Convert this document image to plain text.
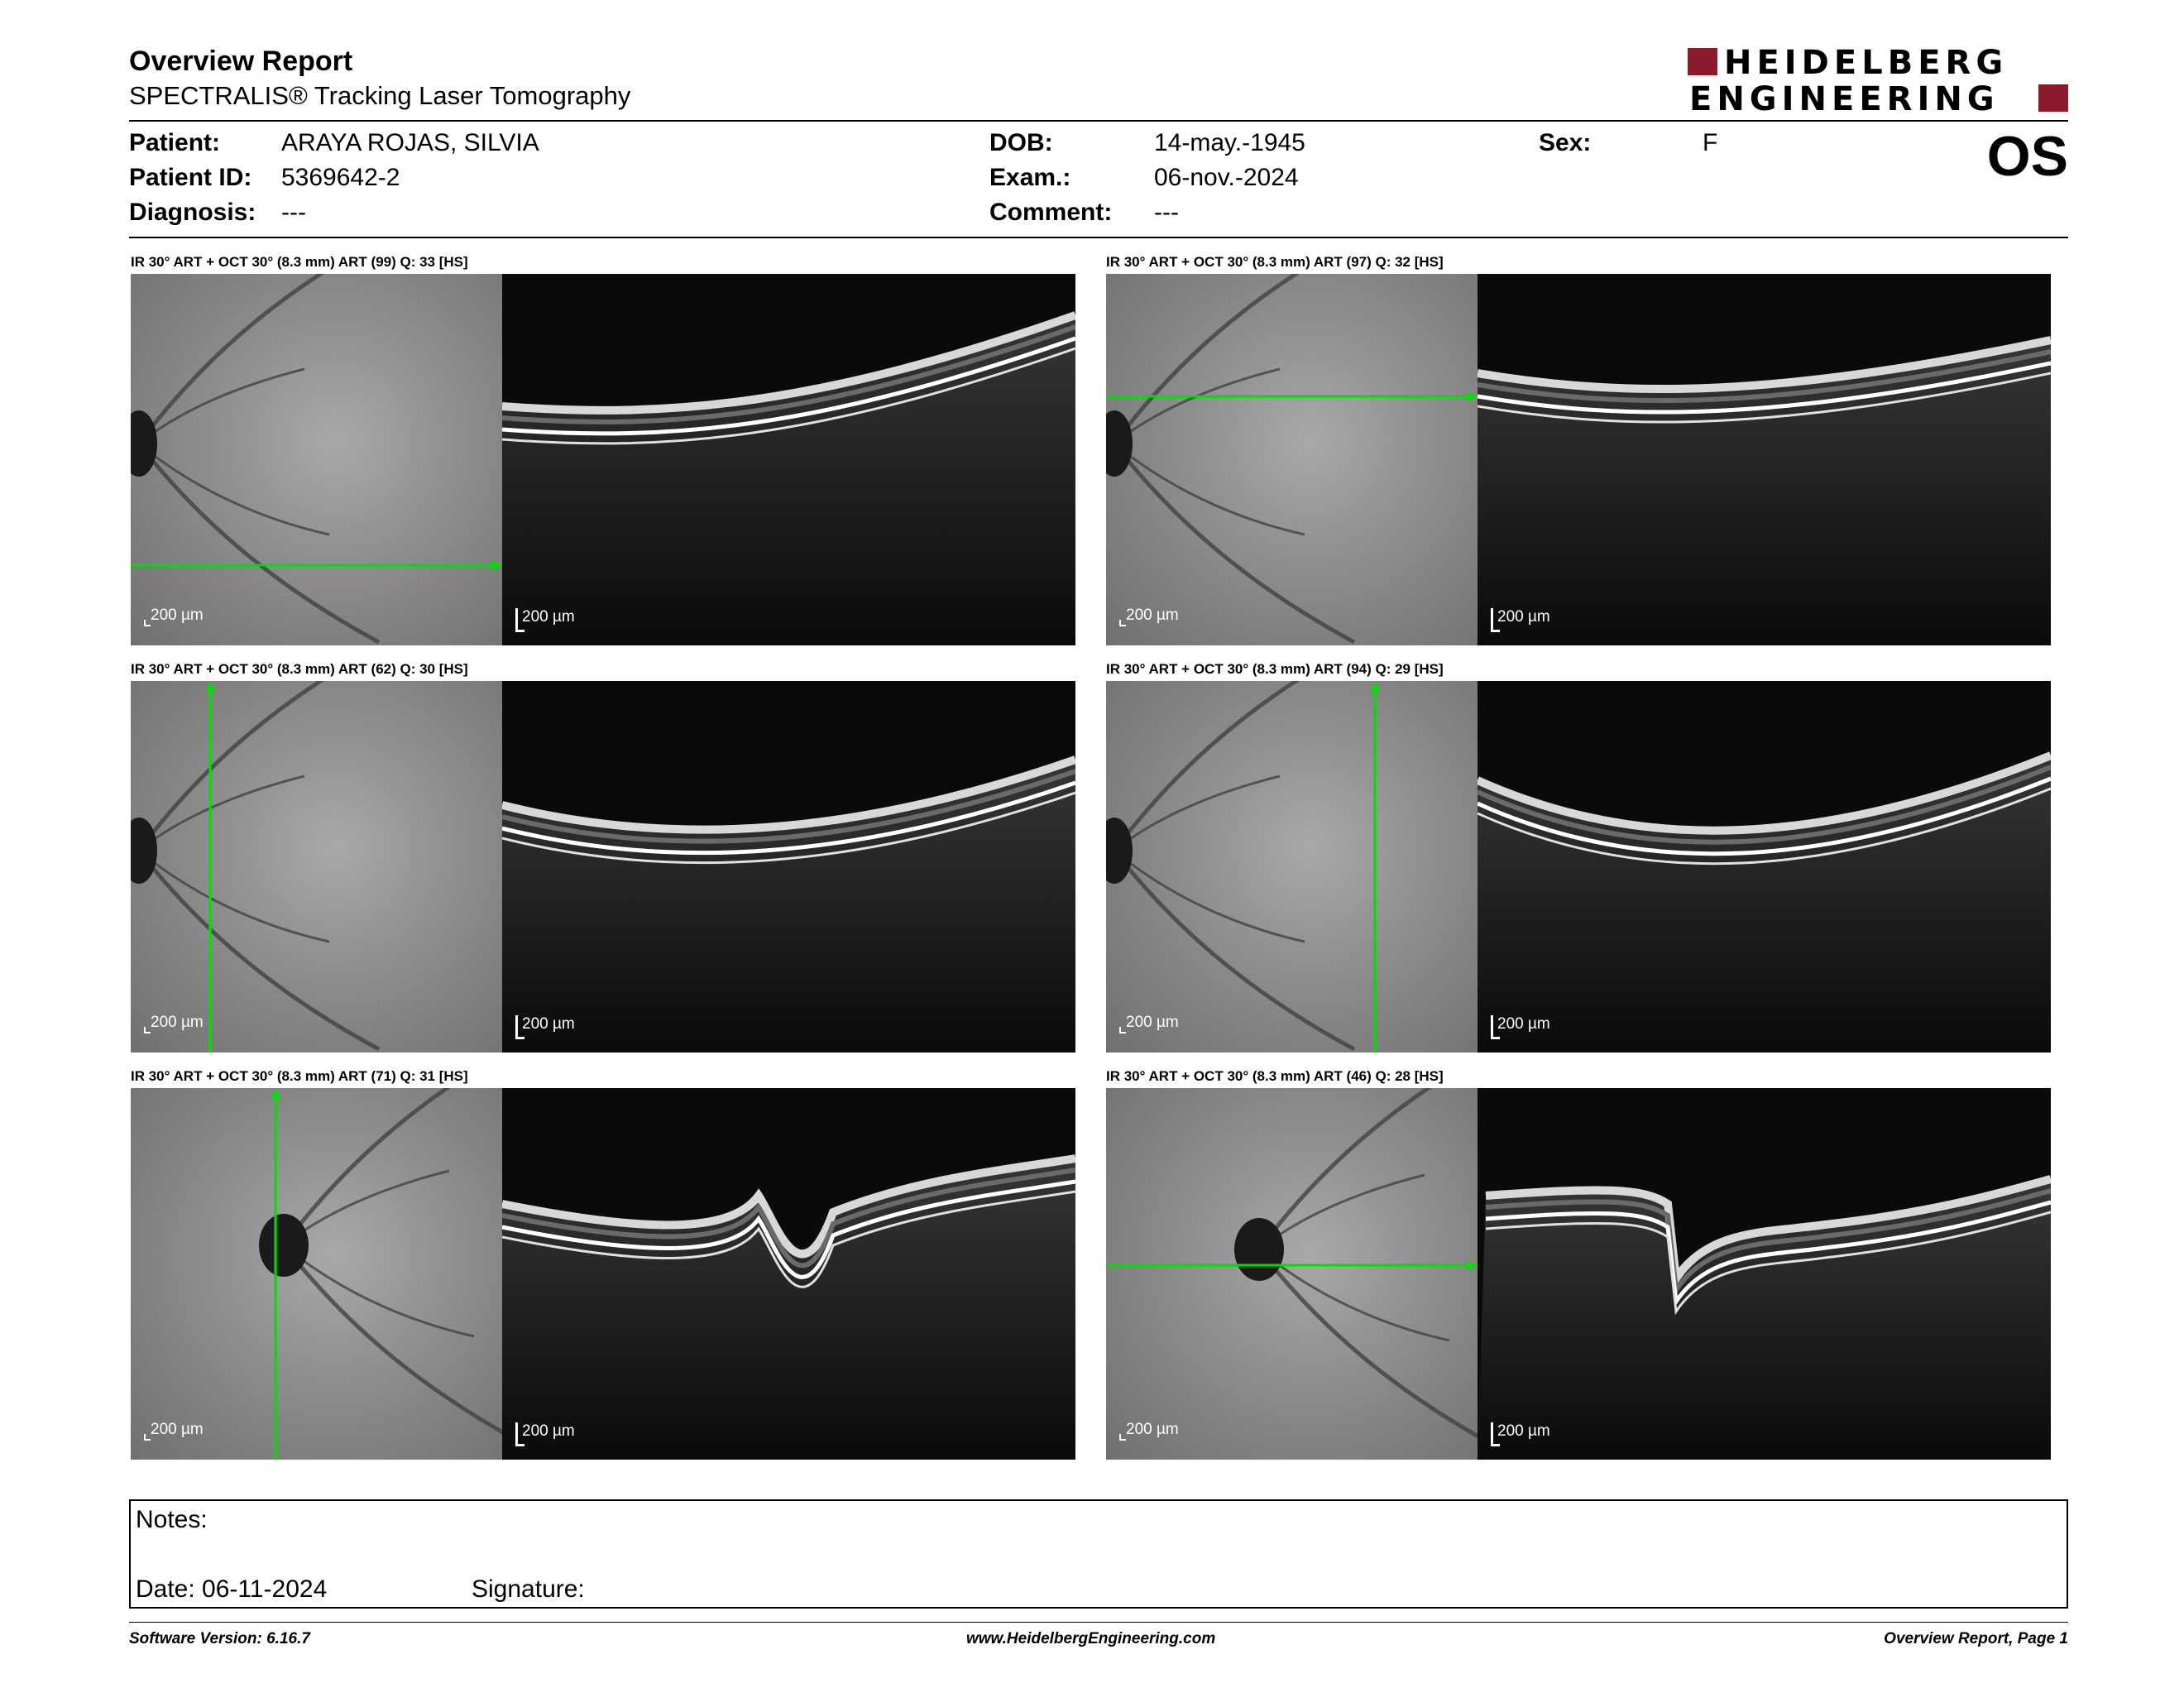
Overview Report
SPECTRALIS® Tracking Laser Tomography
HEIDELBERG
ENGINEERING
Patient: ARAYA ROJAS, SILVIA
Patient ID: 5369642-2
Diagnosis: ---
DOB:	14-may.-1945
Exam.:	06-nov.-2024
Comment: ---
Sex:	F	OS
IR 30° ART + OCT 30° (8.3 mm) ART (99) Q: 33 [HS]
200 µm	200 µm
IR 30° ART + OCT 30° (8.3 mm) ART (97) Q: 32 [HS]
200 µm	200 µm
IR 30° ART + OCT 30° (8.3 mm) ART (62) Q: 30 [HS]
200 µm	200 µm
IR 30° ART + OCT 30° (8.3 mm) ART (94) Q: 29 [HS]
200 µm	200 µm
IR 30° ART + OCT 30° (8.3 mm) ART (71) Q: 31 [HS]
200 µm	200 µm
IR 30° ART + OCT 30° (8.3 mm) ART (46) Q: 28 [HS]
200 µm	200 µm
Notes:
Date: 06-11-2024	Signature:
Software Version: 6.16.7	www.HeidelbergEngineering.com	Overview Report, Page 1
